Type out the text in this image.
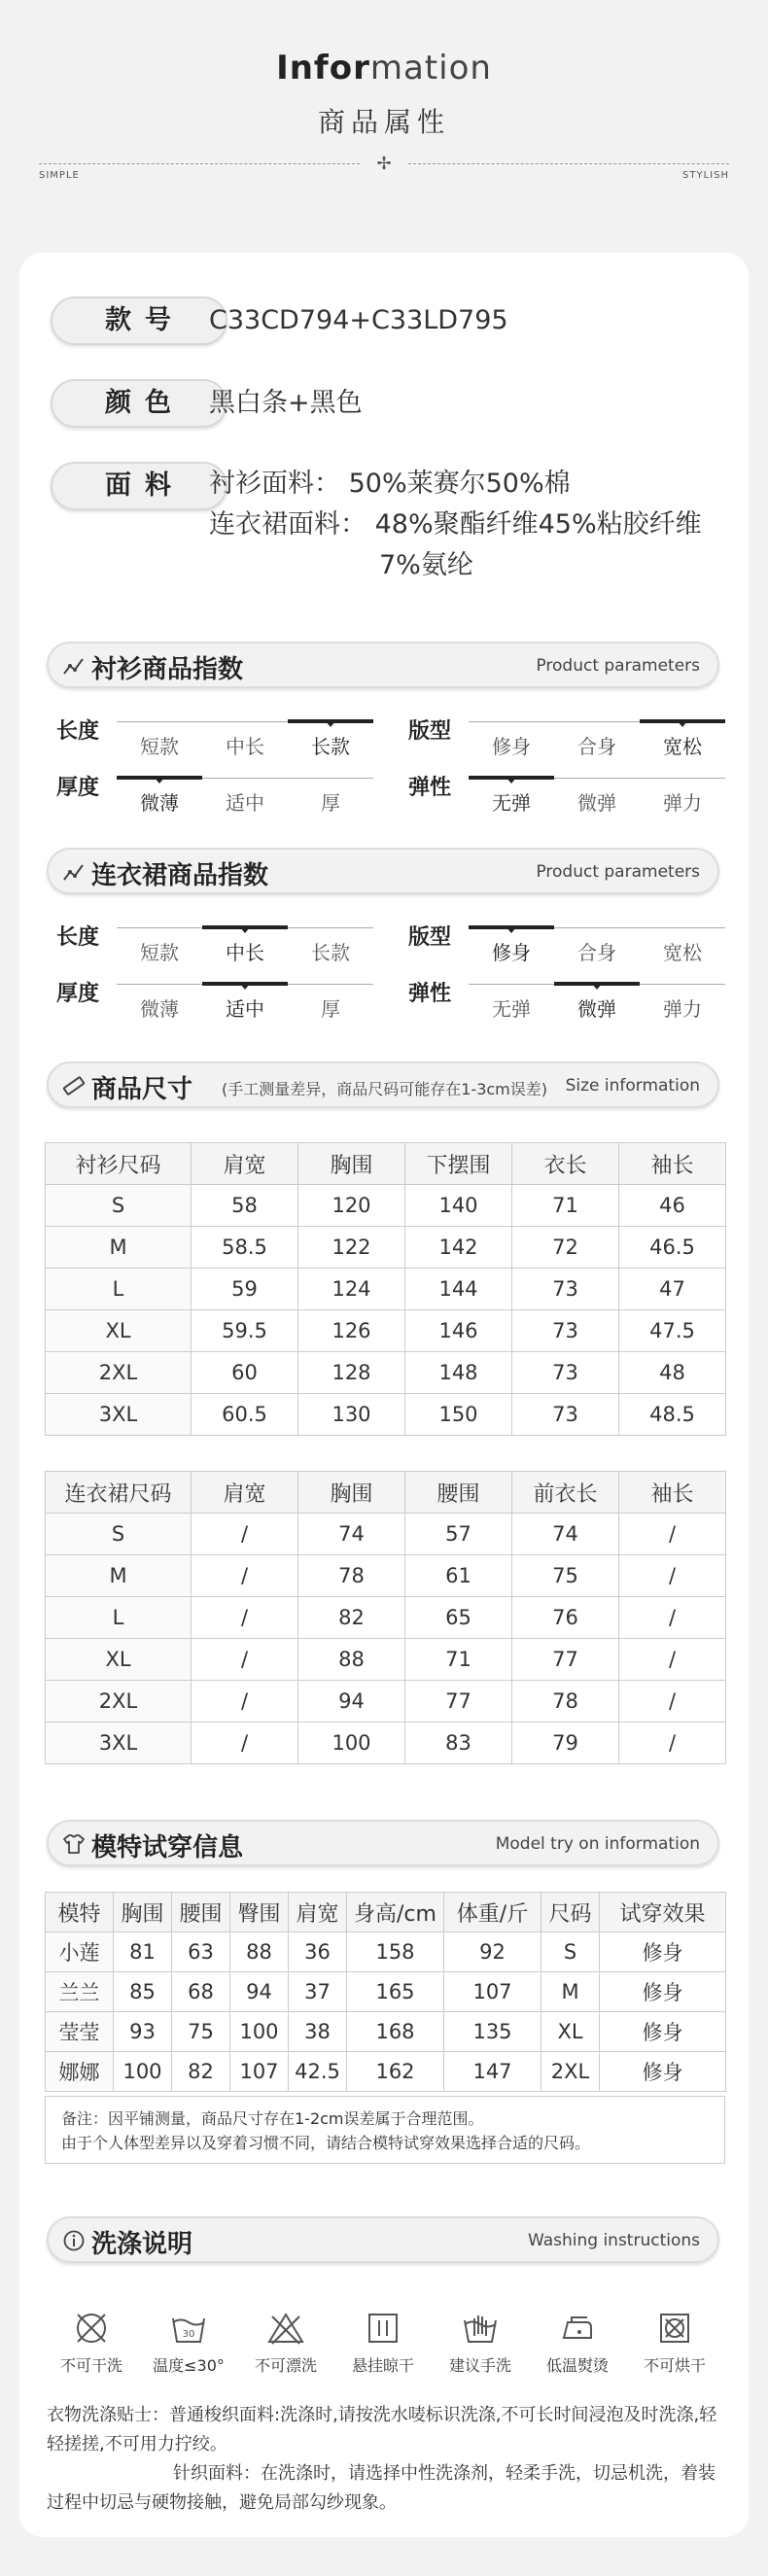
Information
商品属性
✢
SIMPLE	STYLISH
款号 C33CD794+C33LD795
颜色 黑白条+黑色
面料 衬衫面料： 50%莱赛尔50%棉
连衣裙面料： 48%聚酯纤维45%粘胶纤维
7%氨纶
衬衫商品指数	Product parameters
长度
短款	中长	长款
版型
修身	合身	宽松
厚度
微薄	适中	厚
弹性
无弹	微弹	弹力
连衣裙商品指数	Product parameters
长度
短款	中长	长款
版型
修身	合身	宽松
厚度
微薄	适中	厚
弹性
无弹	微弹	弹力
商品尺寸 (手工测量差异，商品尺码可能存在1-3cm误差) Size information
衬衫尺码	肩宽	胸围	下摆围	衣长	袖长
S	58	120	140	71	46
M	58.5	122	142	72	46.5
L	59	124	144	73	47
XL	59.5	126	146	73	47.5
2XL	60	128	148	73	48
3XL	60.5	130	150	73	48.5
连衣裙尺码	肩宽	胸围	腰围	前衣长	袖长
S	/	74	57	74	/
M	/	78	61	75	/
L	/	82	65	76	/
XL	/	88	71	77	/
2XL	/	94	77	78	/
3XL	/	100	83	79	/
模特试穿信息	Model try on information
模特	胸围	腰围	臀围	肩宽	身高/cm	体重/斤	尺码	试穿效果
小莲	81	63	88	36	158	92	S	修身
兰兰	85	68	94	37	165	107	M	修身
莹莹	93	75	100	38	168	135	XL	修身
娜娜	100	82	107	42.5	162	147	2XL	修身
备注：因平铺测量，商品尺寸存在1-2cm误差属于合理范围。
由于个人体型差异以及穿着习惯不同，请结合模特试穿效果选择合适的尺码。
洗涤说明	Washing instructions
衣物洗涤贴士：普通梭织面料:洗涤时,请按洗水唛标识洗涤,不可长时间浸泡及时洗涤,轻轻搓搓,不可用力拧绞。
针织面料：在洗涤时，请选择中性洗涤剂，轻柔手洗，切忌机洗，着装过程中切忌与硬物接触，避免局部勾纱现象。
不可干洗
30
温度≤30°	不可漂洗	悬挂晾干	建议手洗	低温熨烫	不可烘干
